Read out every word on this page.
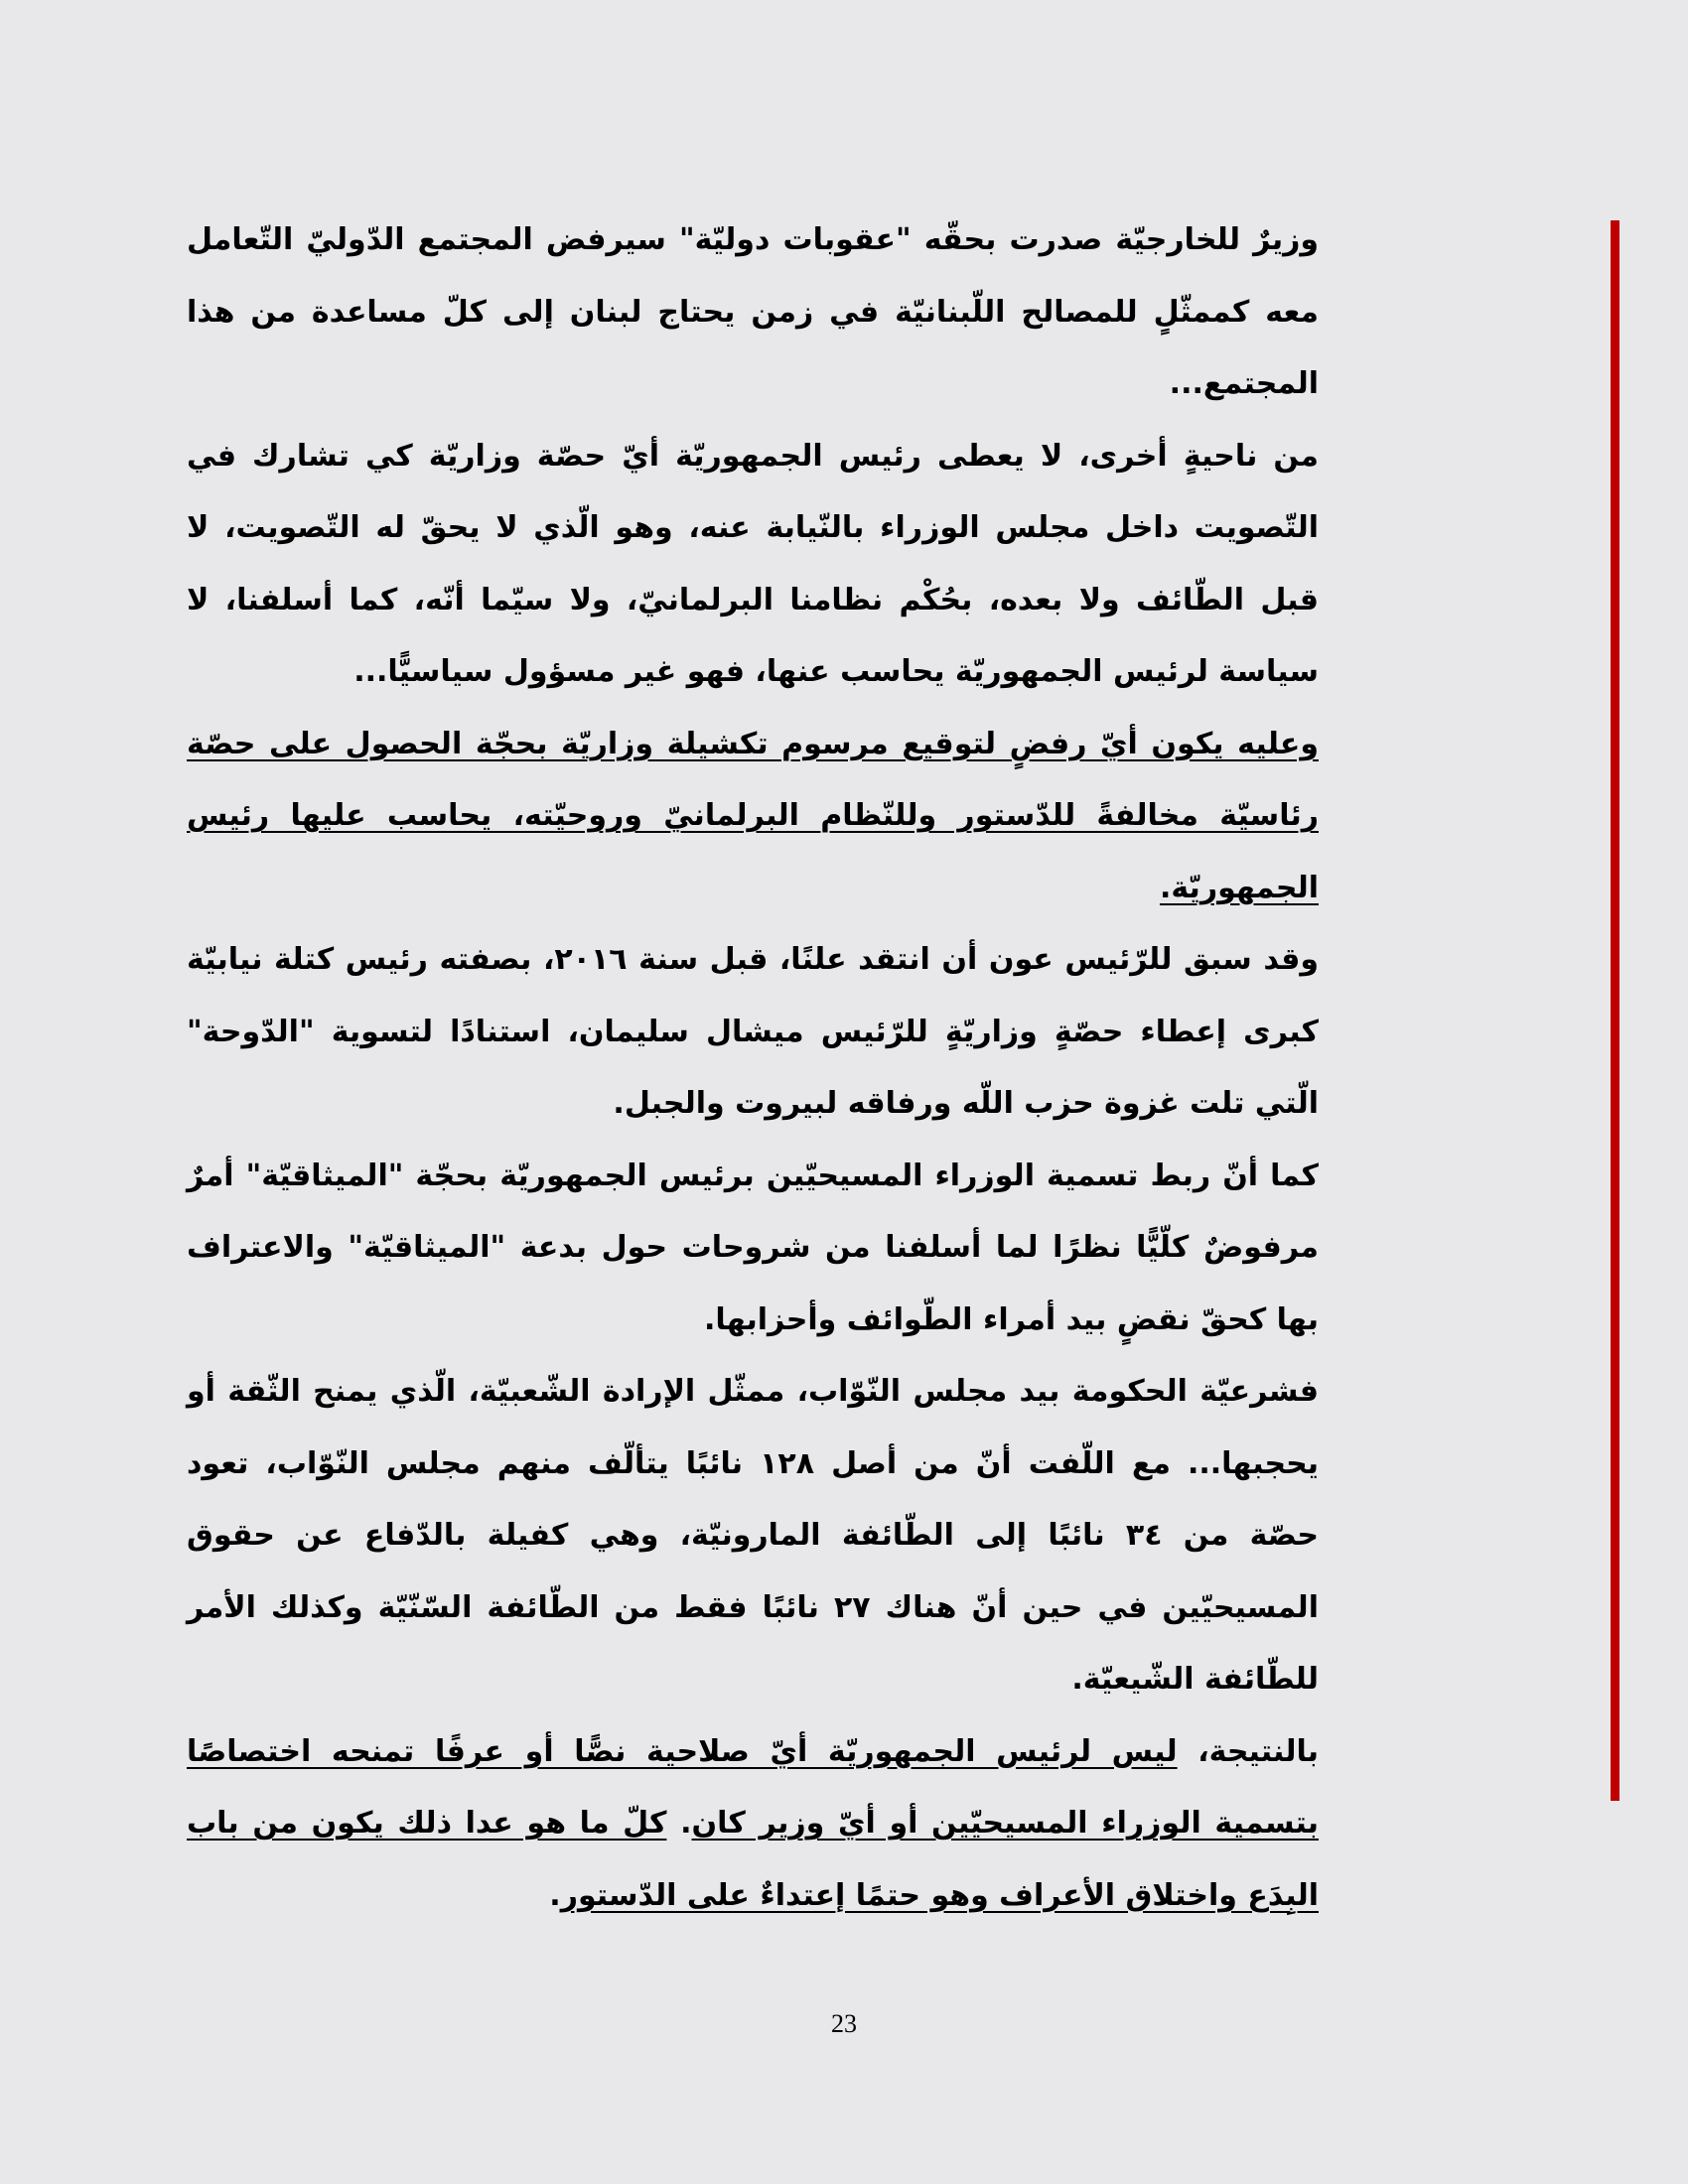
وزيرٌ للخارجيّة صدرت بحقّه "عقوبات دوليّة" سيرفض المجتمع الدّوليّ التّعامل معه كممثّلٍ للمصالح اللّبنانيّة في زمن يحتاج لبنان إلى كلّ مساعدة من هذا المجتمع...

من ناحيةٍ أخرى، لا يعطى رئيس الجمهوريّة أيّ حصّة وزاريّة كي تشارك في التّصويت داخل مجلس الوزراء بالنّيابة عنه، وهو الّذي لا يحقّ له التّصويت، لا قبل الطّائف ولا بعده، بحُكْم نظامنا البرلمانيّ، ولا سيّما أنّه، كما أسلفنا، لا سياسة لرئيس الجمهوريّة يحاسب عنها، فهو غير مسؤول سياسيًّا...

وعليه يكون أيّ رفضٍ لتوقيع مرسوم تكشيلة وزاريّة بحجّة الحصول على حصّة رئاسيّة مخالفةً للدّستور وللنّظام البرلمانيّ وروحيّته، يحاسب عليها رئيس الجمهوريّة.

وقد سبق للرّئيس عون أن انتقد علنًا، قبل سنة ٢٠١٦، بصفته رئيس كتلة نيابيّة كبرى إعطاء حصّةٍ وزاريّةٍ للرّئيس ميشال سليمان، استنادًا لتسوية "الدّوحة" الّتي تلت غزوة حزب اللّه ورفاقه لبيروت والجبل.

كما أنّ ربط تسمية الوزراء المسيحيّين برئيس الجمهوريّة بحجّة "الميثاقيّة" أمرٌ مرفوضٌ كلّيًّا نظرًا لما أسلفنا من شروحات حول بدعة "الميثاقيّة" والاعتراف بها كحقّ نقضٍ بيد أمراء الطّوائف وأحزابها.

فشرعيّة الحكومة بيد مجلس النّوّاب، ممثّل الإرادة الشّعبيّة، الّذي يمنح الثّقة أو يحجبها... مع اللّفت أنّ من أصل ١٢٨ نائبًا يتألّف منهم مجلس النّوّاب، تعود حصّة من ٣٤ نائبًا إلى الطّائفة المارونيّة، وهي كفيلة بالدّفاع عن حقوق المسيحيّين في حين أنّ هناك ٢٧ نائبًا فقط من الطّائفة السّنّيّة وكذلك الأمر للطّائفة الشّيعيّة.

بالنتيجة، ليس لرئيس الجمهوريّة أيّ صلاحية نصًّا أو عرفًا تمنحه اختصاصًا بتسمية الوزراء المسيحيّين أو أيّ وزير كان. كلّ ما هو عدا ذلك يكون من باب البِدَع واختلاق الأعراف وهو حتمًا إعتداءٌ على الدّستور.

23
